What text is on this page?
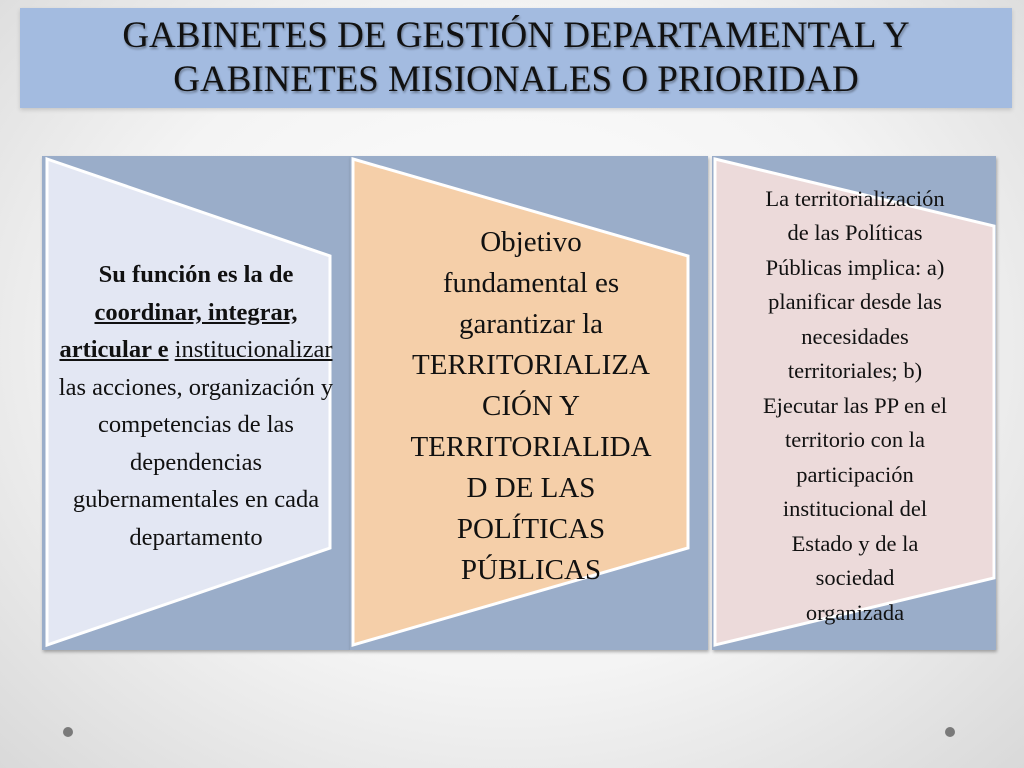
GABINETES DE GESTIÓN DEPARTAMENTAL Y
GABINETES MISIONALES O PRIORIDAD
Su función es la de coordinar, integrar, articular e institucionalizar las acciones, organización y competencias de las dependencias gubernamentales en cada departamento
Objetivo
fundamental es
garantizar la
TERRITORIALIZA
CIÓN Y
TERRITORIALIDA
D DE LAS
POLÍTICAS
PÚBLICAS
La territorialización
de las Políticas
Públicas implica: a)
planificar desde las
necesidades
territoriales; b)
Ejecutar las PP en el
territorio con la
participación
institucional del
Estado y de la
sociedad
organizada
